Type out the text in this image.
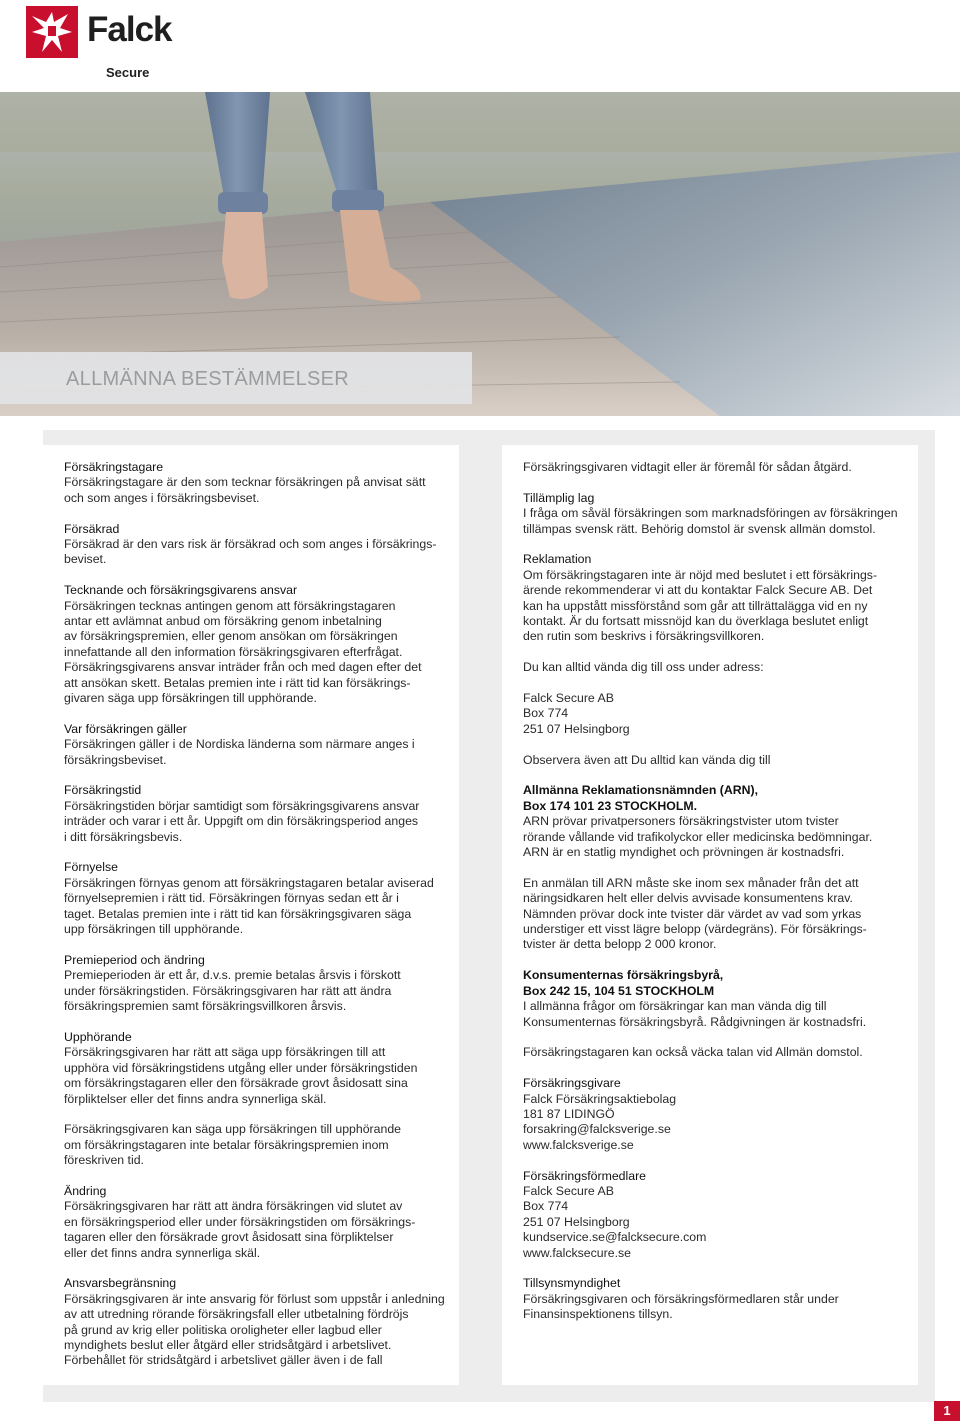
Falck
Secure
ALLMÄNNA BESTÄMMELSER
Försäkringstagare
Försäkringstagare är den som tecknar försäkringen på anvisat sätt
och som anges i försäkringsbeviset.
Försäkrad
Försäkrad är den vars risk är försäkrad och som anges i försäkrings-
beviset.
Tecknande och försäkringsgivarens ansvar
Försäkringen tecknas antingen genom att försäkringstagaren
antar ett avlämnat anbud om försäkring genom inbetalning
av försäkringspremien, eller genom ansökan om försäkringen
innefattande all den information försäkringsgivaren efterfrågat.
Försäkringsgivarens ansvar inträder från och med dagen efter det
att ansökan skett. Betalas premien inte i rätt tid kan försäkrings-
givaren säga upp försäkringen till upphörande.
Var försäkringen gäller
Försäkringen gäller i de Nordiska länderna som närmare anges i
försäkringsbeviset.
Försäkringstid
Försäkringstiden börjar samtidigt som försäkringsgivarens ansvar
inträder och varar i ett år. Uppgift om din försäkringsperiod anges
i ditt försäkringsbevis.
Förnyelse
Försäkringen förnyas genom att försäkringstagaren betalar aviserad
förnyelsepremien i rätt tid. Försäkringen förnyas sedan ett år i
taget. Betalas premien inte i rätt tid kan försäkringsgivaren säga
upp försäkringen till upphörande.
Premieperiod och ändring
Premieperioden är ett år, d.v.s. premie betalas årsvis i förskott
under försäkringstiden. Försäkringsgivaren har rätt att ändra
försäkringspremien samt försäkringsvillkoren årsvis.
Upphörande
Försäkringsgivaren har rätt att säga upp försäkringen till att
upphöra vid försäkringstidens utgång eller under försäkringstiden
om försäkringstagaren eller den försäkrade grovt åsidosatt sina
förpliktelser eller det finns andra synnerliga skäl.
Försäkringsgivaren kan säga upp försäkringen till upphörande
om försäkringstagaren inte betalar försäkringspremien inom
föreskriven tid.
Ändring
Försäkringsgivaren har rätt att ändra försäkringen vid slutet av
en försäkringsperiod eller under försäkringstiden om försäkrings-
tagaren eller den försäkrade grovt åsidosatt sina förpliktelser
eller det finns andra synnerliga skäl.
Ansvarsbegränsning
Försäkringsgivaren är inte ansvarig för förlust som uppstår i anledning
av att utredning rörande försäkringsfall eller utbetalning fördröjs
på grund av krig eller politiska oroligheter eller lagbud eller
myndighets beslut eller åtgärd eller stridsåtgärd i arbetslivet.
Förbehållet för stridsåtgärd i arbetslivet gäller även i de fall
Försäkringsgivaren vidtagit eller är föremål för sådan åtgärd.
Tillämplig lag
I fråga om såväl försäkringen som marknadsföringen av försäkringen
tillämpas svensk rätt. Behörig domstol är svensk allmän domstol.
Reklamation
Om försäkringstagaren inte är nöjd med beslutet i ett försäkrings-
ärende rekommenderar vi att du kontaktar Falck Secure AB. Det
kan ha uppstått missförstånd som går att tillrättalägga vid en ny
kontakt. Är du fortsatt missnöjd kan du överklaga beslutet enligt
den rutin som beskrivs i försäkringsvillkoren.
Du kan alltid vända dig till oss under adress:
Falck Secure AB
Box 774
251 07 Helsingborg
Observera även att Du alltid kan vända dig till
Allmänna Reklamationsnämnden (ARN),
Box 174 101 23 STOCKHOLM.
ARN prövar privatpersoners försäkringstvister utom tvister
rörande vållande vid trafikolyckor eller medicinska bedömningar.
ARN är en statlig myndighet och prövningen är kostnadsfri.
En anmälan till ARN måste ske inom sex månader från det att
näringsidkaren helt eller delvis avvisade konsumentens krav.
Nämnden prövar dock inte tvister där värdet av vad som yrkas
understiger ett visst lägre belopp (värdegräns). För försäkrings-
tvister är detta belopp 2 000 kronor.
Konsumenternas försäkringsbyrå,
Box 242 15, 104 51 STOCKHOLM
I allmänna frågor om försäkringar kan man vända dig till
Konsumenternas försäkringsbyrå. Rådgivningen är kostnadsfri.
Försäkringstagaren kan också väcka talan vid Allmän domstol.
Försäkringsgivare
Falck Försäkringsaktiebolag
181 87 LIDINGÖ
forsakring@falcksverige.se
www.falcksverige.se
Försäkringsförmedlare
Falck Secure AB
Box 774
251 07 Helsingborg
kundservice.se@falcksecure.com
www.falcksecure.se
Tillsynsmyndighet
Försäkringsgivaren och försäkringsförmedlaren står under
Finansinspektionens tillsyn.
1
